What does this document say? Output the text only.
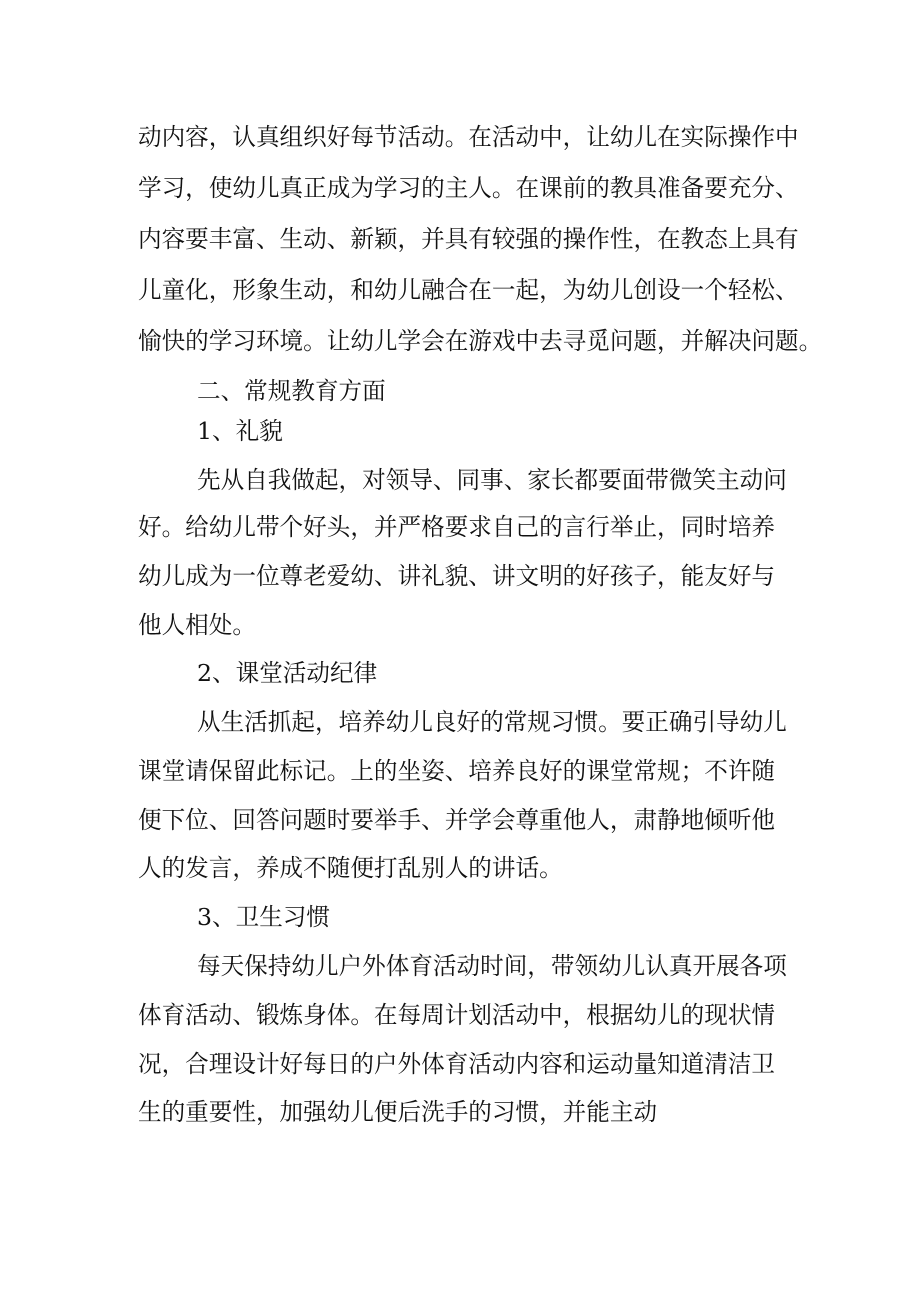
动内容，认真组织好每节活动。在活动中，让幼儿在实际操作中
学习，使幼儿真正成为学习的主人。在课前的教具准备要充分、
内容要丰富、生动、新颖，并具有较强的操作性，在教态上具有
儿童化，形象生动，和幼儿融合在一起，为幼儿创设一个轻松、
愉快的学习环境。让幼儿学会在游戏中去寻觅问题，并解决问题。
二、常规教育方面
1、礼貌
先从自我做起，对领导、同事、家长都要面带微笑主动问
好。给幼儿带个好头，并严格要求自己的言行举止，同时培养
幼儿成为一位尊老爱幼、讲礼貌、讲文明的好孩子，能友好与
他人相处。
2、课堂活动纪律
从生活抓起，培养幼儿良好的常规习惯。要正确引导幼儿
课堂请保留此标记。上的坐姿、培养良好的课堂常规；不许随
便下位、回答问题时要举手、并学会尊重他人，肃静地倾听他
人的发言，养成不随便打乱别人的讲话。
3、卫生习惯
每天保持幼儿户外体育活动时间，带领幼儿认真开展各项
体育活动、锻炼身体。在每周计划活动中，根据幼儿的现状情
况，合理设计好每日的户外体育活动内容和运动量知道清洁卫
生的重要性，加强幼儿便后洗手的习惯，并能主动
